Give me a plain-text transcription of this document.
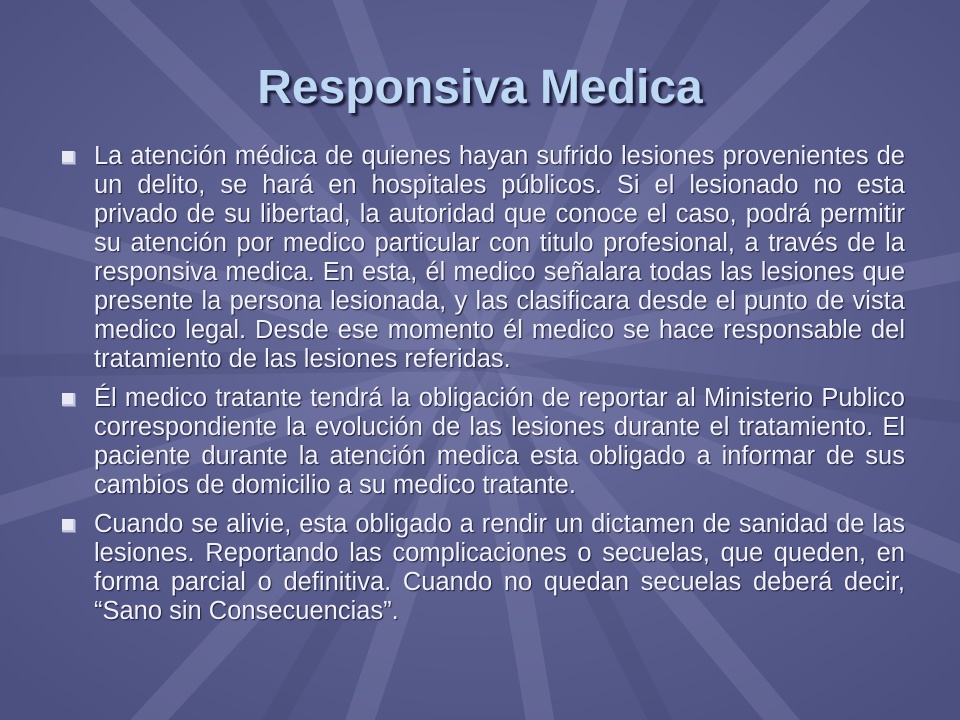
Responsiva Medica
La atención médica de quienes hayan sufrido lesiones provenientes de un delito, se hará en hospitales públicos. Si el lesionado no esta privado de su libertad, la autoridad que conoce el caso, podrá permitir su atención por medico particular con titulo profesional, a través de la responsiva medica. En esta, él medico señalara todas las lesiones que presente la persona lesionada, y las clasificara desde el punto de vista medico legal. Desde ese momento él medico se hace responsable del tratamiento de las lesiones referidas.
Él medico tratante tendrá la obligación de reportar al Ministerio Publico correspondiente la evolución de las lesiones durante el tratamiento. El paciente durante la atención medica esta obligado a informar de sus cambios de domicilio a su medico tratante.
Cuando se alivie, esta obligado a rendir un dictamen de sanidad de las lesiones. Reportando las complicaciones o secuelas, que queden, en forma parcial o definitiva. Cuando no quedan secuelas deberá decir, “Sano sin Consecuencias”.
